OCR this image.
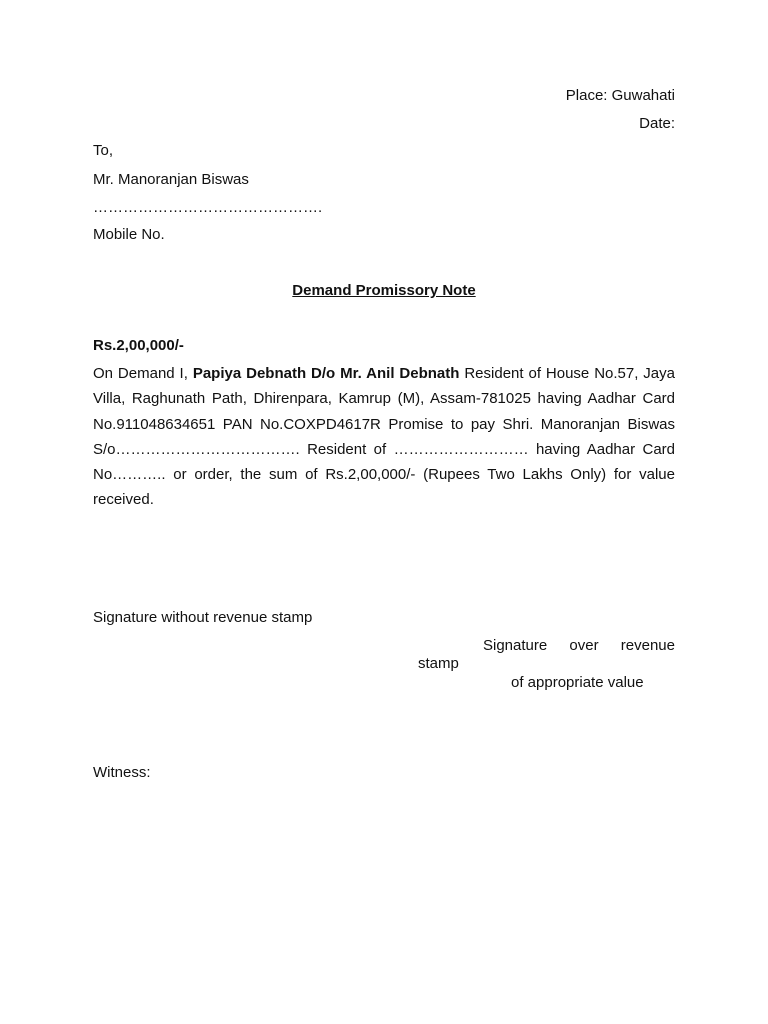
Place: Guwahati
Date:
To,
Mr. Manoranjan Biswas
……………………………………….
Mobile No.
Demand Promissory Note
Rs.2,00,000/-
On Demand I, Papiya Debnath D/o Mr. Anil Debnath Resident of House No.57, Jaya Villa, Raghunath Path, Dhirenpara, Kamrup (M), Assam-781025 having Aadhar Card No.911048634651 PAN No.COXPD4617R Promise to pay Shri. Manoranjan Biswas S/o………………………………. Resident of ……………………… having Aadhar Card No……….. or order, the sum of Rs.2,00,000/- (Rupees Two Lakhs Only) for value received.
Signature without revenue stamp
Signature over revenue
stamp
of appropriate value
Witness:
